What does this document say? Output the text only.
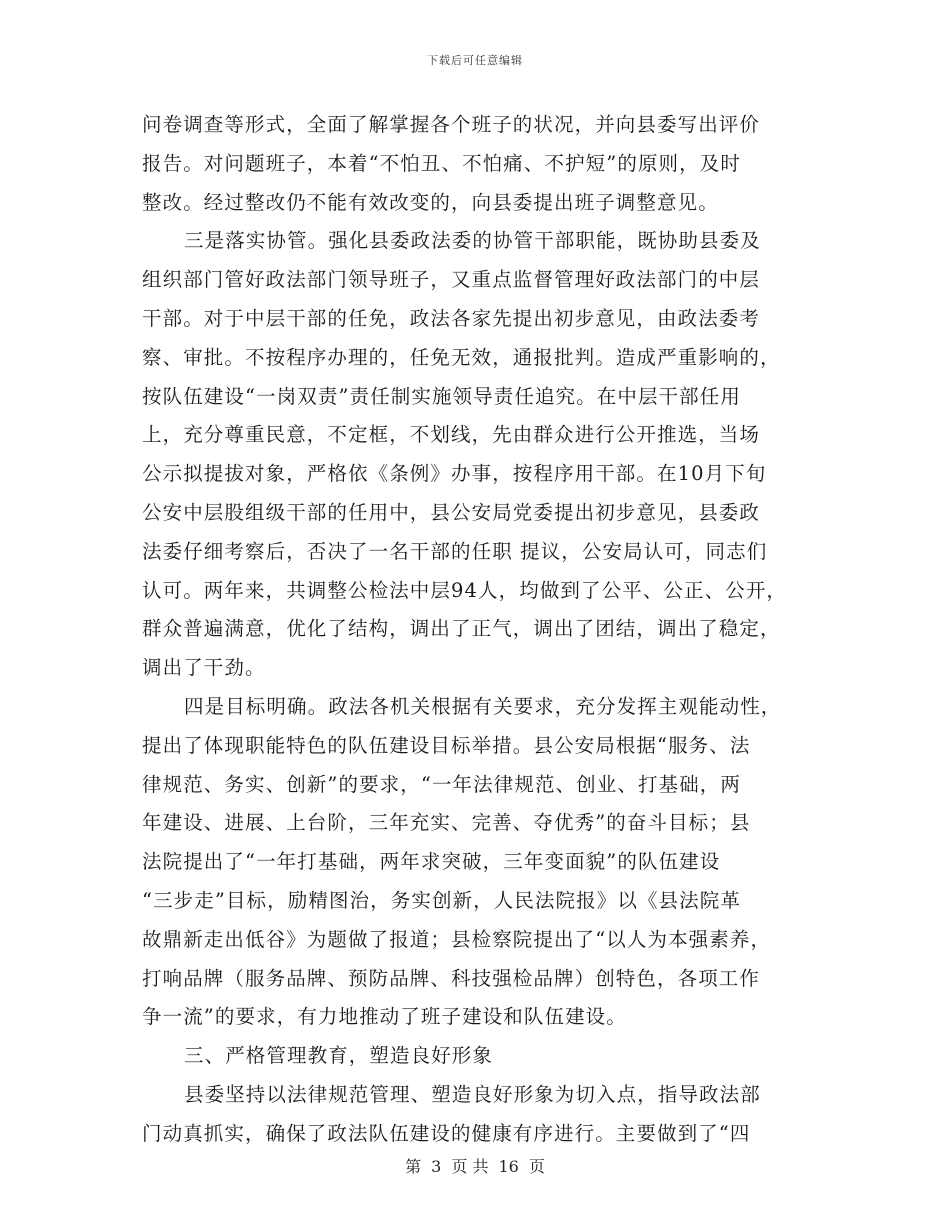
下载后可任意编辑
问卷调查等形式，全面了解掌握各个班子的状况，并向县委写出评价
报告。对问题班子，本着“不怕丑、不怕痛、不护短”的原则，及时
整改。经过整改仍不能有效改变的，向县委提出班子调整意见。
三是落实协管。强化县委政法委的协管干部职能，既协助县委及
组织部门管好政法部门领导班子，又重点监督管理好政法部门的中层
干部。对于中层干部的任免，政法各家先提出初步意见，由政法委考
察、审批。不按程序办理的，任免无效，通报批判。造成严重影响的，
按队伍建设“一岗双责”责任制实施领导责任追究。在中层干部任用
上，充分尊重民意，不定框，不划线，先由群众进行公开推选，当场
公示拟提拔对象，严格依《条例》办事，按程序用干部。在10月下旬
公安中层股组级干部的任用中，县公安局党委提出初步意见，县委政
法委仔细考察后，否决了一名干部的任职 提议，公安局认可，同志们
认可。两年来，共调整公检法中层94人，均做到了公平、公正、公开，
群众普遍满意，优化了结构，调出了正气，调出了团结，调出了稳定，
调出了干劲。
四是目标明确。政法各机关根据有关要求，充分发挥主观能动性，
提出了体现职能特色的队伍建设目标举措。县公安局根据“服务、法
律规范、务实、创新”的要求，“一年法律规范、创业、打基础，两
年建设、进展、上台阶，三年充实、完善、夺优秀”的奋斗目标；县
法院提出了“一年打基础，两年求突破，三年变面貌”的队伍建设
“三步走”目标，励精图治，务实创新，人民法院报》以《县法院革
故鼎新走出低谷》为题做了报道；县检察院提出了“以人为本强素养，
打响品牌（服务品牌、预防品牌、科技强检品牌）创特色，各项工作
争一流”的要求，有力地推动了班子建设和队伍建设。
三、严格管理教育，塑造良好形象
县委坚持以法律规范管理、塑造良好形象为切入点，指导政法部
门动真抓实，确保了政法队伍建设的健康有序进行。主要做到了“四
第 3 页 共 16 页
